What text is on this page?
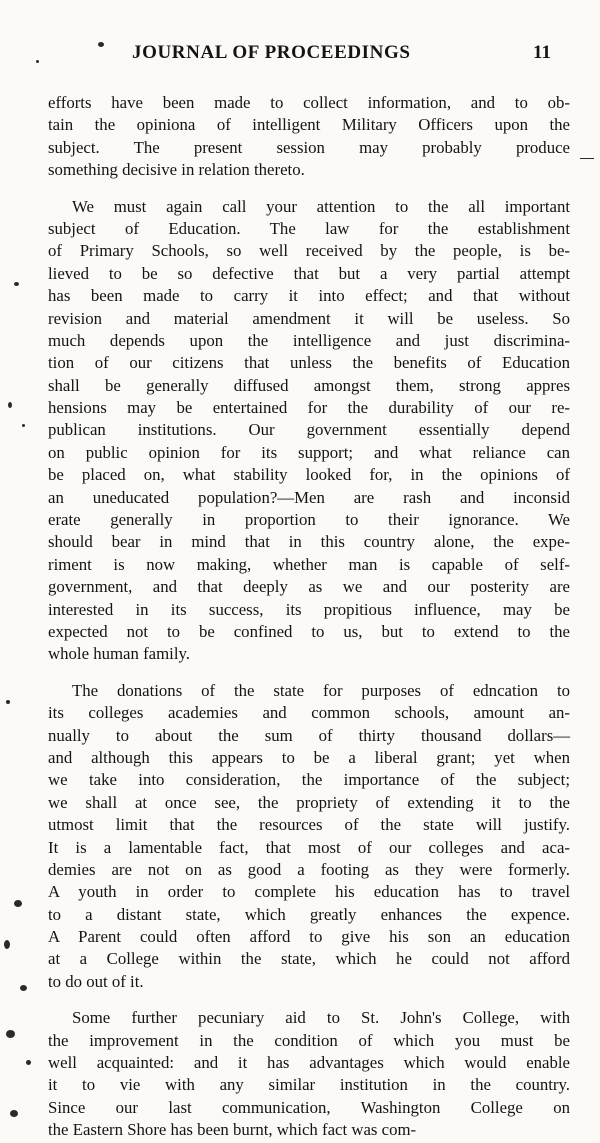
JOURNAL OF PROCEEDINGS	11
efforts have been made to collect information, and to ob-
tain the opiniona of intelligent Military Officers upon the
subject. The present session may probably produce
something decisive in relation thereto.
We must again call your attention to the all important
subject of Education. The law for the establishment
of Primary Schools, so well received by the people, is be-
lieved to be so defective that but a very partial attempt
has been made to carry it into effect; and that without
revision and material amendment it will be useless. So
much depends upon the intelligence and just discrimina-
tion of our citizens that unless the benefits of Education
shall be generally diffused amongst them, strong appres
hensions may be entertained for the durability of our re-
publican institutions. Our government essentially depend
on public opinion for its support; and what reliance can
be placed on, what stability looked for, in the opinions of
an uneducated population?—Men are rash and inconsid
erate generally in proportion to their ignorance. We
should bear in mind that in this country alone, the expe-
riment is now making, whether man is capable of self-
government, and that deeply as we and our posterity are
interested in its success, its propitious influence, may be
expected not to be confined to us, but to extend to the
whole human family.
The donations of the state for purposes of edncation to
its colleges academies and common schools, amount an-
nually to about the sum of thirty thousand dollars—
and although this appears to be a liberal grant; yet when
we take into consideration, the importance of the subject;
we shall at once see, the propriety of extending it to the
utmost limit that the resources of the state will justify.
It is a lamentable fact, that most of our colleges and aca-
demies are not on as good a footing as they were formerly.
A youth in order to complete his education has to travel
to a distant state, which greatly enhances the expence.
A Parent could often afford to give his son an education
at a College within the state, which he could not afford
to do out of it.
Some further pecuniary aid to St. John's College, with
the improvement in the condition of which you must be
well acquainted: and it has advantages which would enable
it to vie with any similar institution in the country.
Since our last communication, Washington College on
the Eastern Shore has been burnt, which fact was com-
